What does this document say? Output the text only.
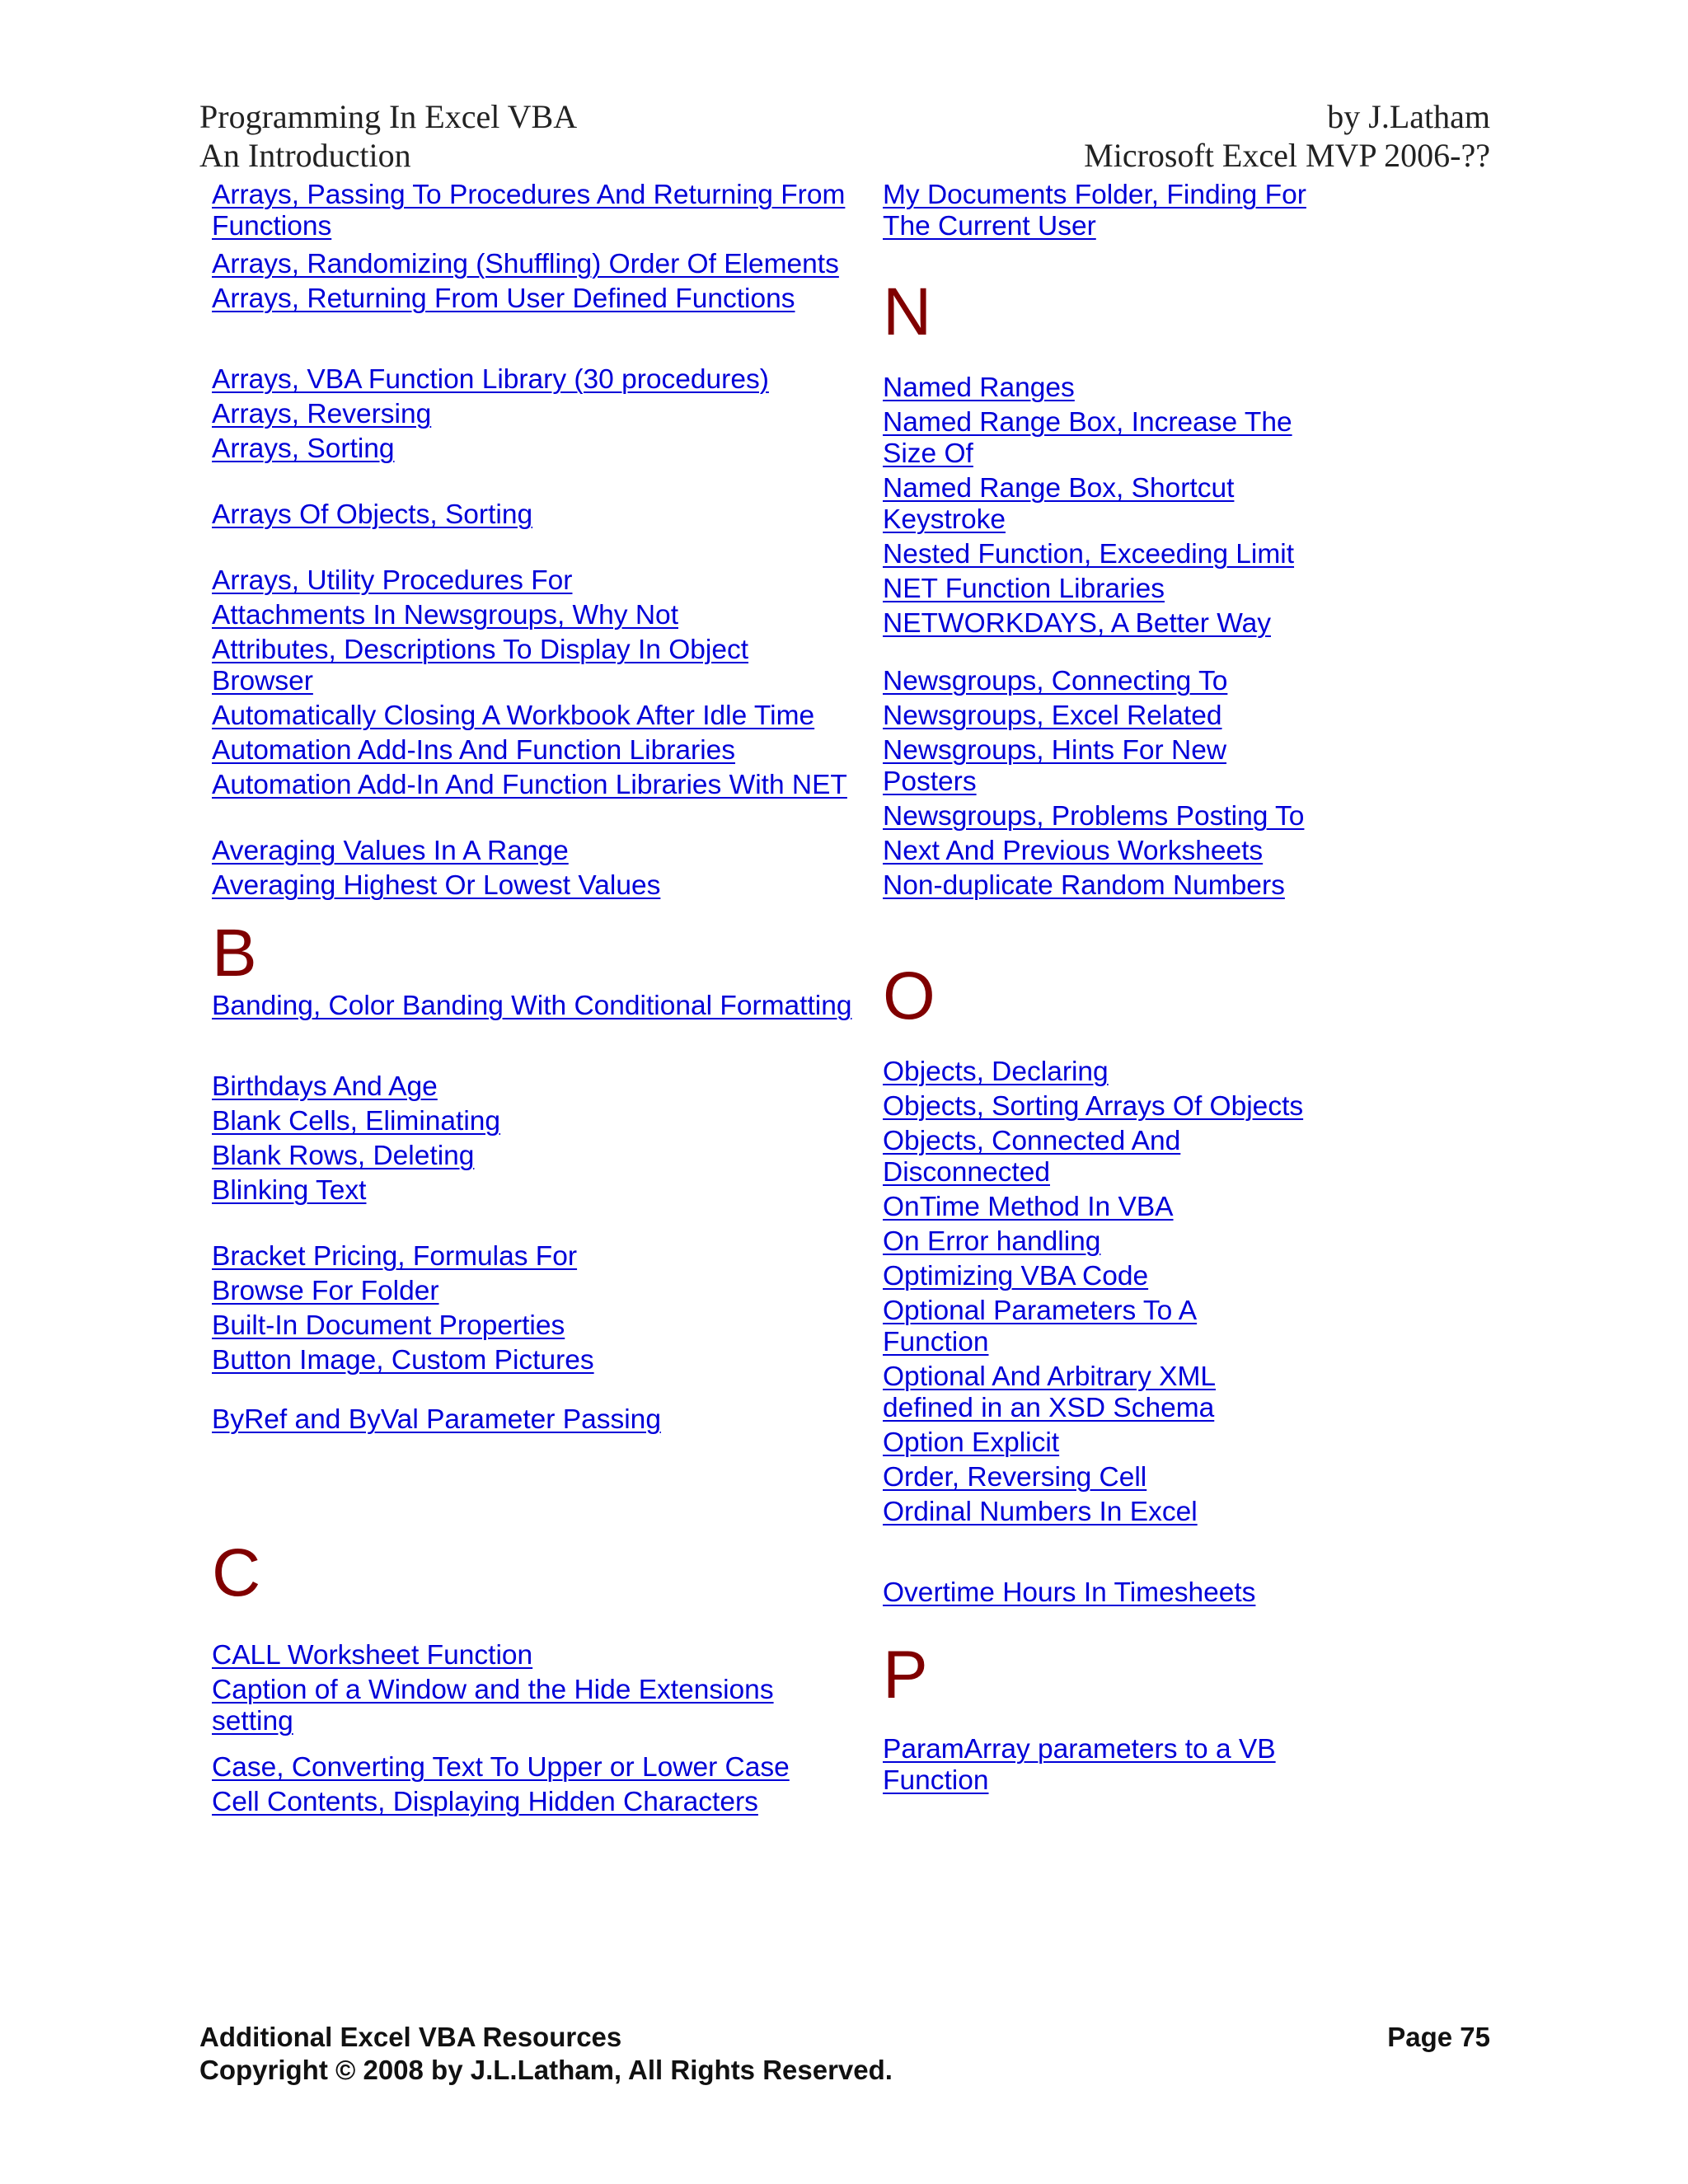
Programming In Excel VBA	by J.Latham
An Introduction	Microsoft Excel MVP 2006-??
Arrays, Passing To Procedures And Returning From Functions
Arrays, Randomizing (Shuffling) Order Of Elements
Arrays, Returning From User Defined Functions
Arrays, VBA Function Library (30 procedures)
Arrays, Reversing
Arrays, Sorting
Arrays Of Objects, Sorting
Arrays, Utility Procedures For
Attachments In Newsgroups, Why Not
Attributes, Descriptions To Display In Object Browser
Automatically Closing A Workbook After Idle Time
Automation Add-Ins And Function Libraries
Automation Add-In And Function Libraries With NET
Averaging Values In A Range
Averaging Highest Or Lowest Values
B
Banding, Color Banding With Conditional Formatting
Birthdays And Age
Blank Cells, Eliminating
Blank Rows, Deleting
Blinking Text
Bracket Pricing, Formulas For
Browse For Folder
Built-In Document Properties
Button Image, Custom Pictures
ByRef and ByVal Parameter Passing
C
CALL Worksheet Function
Caption of a Window and the Hide Extensions setting
Case, Converting Text To Upper or Lower Case
Cell Contents, Displaying Hidden Characters
My Documents Folder, Finding For The Current User
N
Named Ranges
Named Range Box, Increase The Size Of
Named Range Box, Shortcut Keystroke
Nested Function, Exceeding Limit
NET Function Libraries
NETWORKDAYS, A Better Way
Newsgroups, Connecting To
Newsgroups, Excel Related
Newsgroups, Hints For New Posters
Newsgroups, Problems Posting To
Next And Previous Worksheets
Non-duplicate Random Numbers
O
Objects, Declaring
Objects, Sorting Arrays Of Objects
Objects, Connected And Disconnected
OnTime Method In VBA
On Error handling
Optimizing VBA Code
Optional Parameters To A Function
Optional And Arbitrary XML defined in an XSD Schema
Option Explicit
Order, Reversing Cell
Ordinal Numbers In Excel
Overtime Hours In Timesheets
P
ParamArray parameters to a VB Function
Additional Excel VBA Resources	Page 75
Copyright © 2008 by J.L.Latham, All Rights Reserved.
